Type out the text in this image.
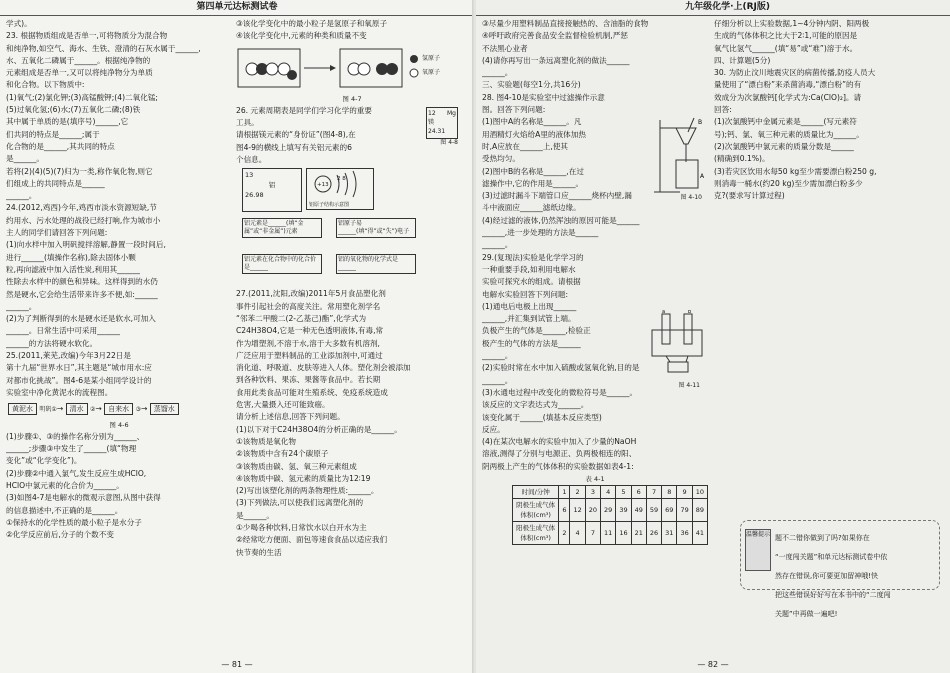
第四单元达标测试卷

学式)。

23. 根据物质组成是否单一,可将物质分为混合物

和纯净物,如空气、海水、生铁、澄清的石灰水属于______,

水、五氧化二磷属于______。根据纯净物的

元素组成是否单一,又可以将纯净物分为单质

和化合物。以下物质中:

(1)氧气;(2)氯化钾;(3)高锰酸钾;(4)二氧化锰;

(5)过氧化氢;(6)水;(7)五氧化二磷;(8)铁

其中属于单质的是(填序号)______,它

们共同的特点是______;属于

化合物的是______,其共同的特点

是______。

若将(2)(4)(5)(7)归为一类,称作氧化物,则它

们组成上的共同特点是______

______。

24.(2012,鸡西)今年,鸡西市淡水资源短缺,节

约用水、污水处理的战役已经打响,作为城市小

主人的同学们请回答下列问题:

(1)向水样中加入明矾搅拌溶解,静置一段时间后,

进行______(填操作名称),除去固体小颗

粒,再向滤液中加入活性炭,利用其______

性除去水样中的颜色和异味。这样得到的水仍

然是硬水,它会给生活带来许多不便,如:______

______。

(2)为了判断得到的水是硬水还是软水,可加入

______。日常生活中可采用______

______的方法将硬水软化。

25.(2011,莱芜,改编)今年3月22日是

第十九届“世界水日”,其主题是“城市用水:应

对都市化挑战”。图4-6是某小组同学设计的

实验室中净化黄泥水的流程图。

黄泥水 明矾①→ 清水 ②→ 自来水 ③→ 蒸馏水
图 4-6

(1)步骤①、③的操作名称分别为______、

______;步骤③中发生了______(填“物理

变化”或“化学变化”)。

(2)步骤②中通入氯气,发生反应生成HClO,

HClO中氯元素的化合价为______。

(3)如图4-7是电解水的微观示意图,从图中获得

的信息描述中,不正确的是______。

①保持水的化学性质的最小粒子是水分子

②化学反应前后,分子的个数不变

③该化学变化中的最小粒子是氢原子和氧原子

④该化学变化中,元素的种类和质量不变

氢原子
氧原子
图 4-7

26. 元素周期表是同学们学习化学的重要

工具。

请根据镁元素的“身份证”(图4-8),在

图4-9的横线上填写有关铝元素的6

个信息。

12 Mg
镁
24.31
图 4-8
13
铝
26.98
+13
2 8
铝原子结构示意图
铝元素是______(填“金属”或“非金属”)元素
铝原子易______(填“得”或“失”)电子
铝元素在化合物中的化合价是______
铝的氧化物的化学式是______

27.(2011,沈阳,改编)2011年5月食品塑化剂

事件引起社会的高度关注。常用塑化剂学名

“邻苯二甲酸二(2-乙基己)酯”,化学式为

C24H38O4,它是一种无色透明液体,有毒,常

作为增塑剂,不溶于水,溶于大多数有机溶剂,

广泛应用于塑料制品的工业添加剂中,可通过

消化道、呼吸道、皮肤等进入人体。塑化剂会被添加

到各种饮料、果冻、果酱等食品中。若长期

食用此类食品可能对生殖系统、免疫系统造成

危害,大量摄入还可能致癌。

请分析上述信息,回答下列问题。

(1)以下对于C24H38O4的分析正确的是______。

①该物质是氧化物

②该物质中含有24个碳原子

③该物质由碳、氢、氧三种元素组成

④该物质中碳、氢元素的质量比为12∶19

(2)写出该塑化剂的两条物理性质:______。

(3)下列做法,可以使我们远离塑化剂的

是______。

①少喝各种饮料,日常饮水以白开水为主

②经常吃方便面、面包等速食食品以适应我们

快节奏的生活

— 81 —
九年级化学·上(RJ版)

③尽量少用塑料制品直接接触热的、含油脂的食物

④呼吁政府完善食品安全监督检验机制,严惩

不法黑心业者

(4)请你再写出一条远离塑化剂的做法______

______。

三、实验题(每空1分,共16分)

28. 图4-10是实验室中过滤操作示意

图。回答下列问题:

(1)图中A的名称是______。凡

用酒精灯火焰给A里的液体加热

时,A应放在______上,使其

受热均匀。

(2)图中B的名称是______,在过

滤操作中,它的作用是______。

(3)过滤时漏斗下端管口应______烧杯内壁,漏

斗中液面应______滤纸边缘。

(4)经过滤的液体,仍然浑浊的原因可能是______

______,进一步处理的方法是______

______。

29.(复现法)实验是化学学习的

一种重要手段,如利用电解水

实验可探究水的组成。请根据

电解水实验回答下列问题:

(1)通电后电极上出现______

______,并汇集到试管上端。

负极产生的气体是______,检验正

极产生的气体的方法是______

______。

(2)实验时常在水中加入硫酸或氢氧化钠,目的是

______。

(3)水通电过程中改变化的微粒符号是______。

该反应的文字表达式为______。

该变化属于______(填基本反应类型)

反应。

(4)在某次电解水的实验中加入了少量的NaOH

溶液,测得了分别与电源正、负两极相连的阳、

阴两极上产生的气体体积的实验数据如表4-1:

B
A
图 4-10
a	b
图 4-11
表 4-1
时间/分钟	1	2	3	4	5	6	7	8	9	10
阴极生成气体体积(cm³)	6	12	20	29	39	49	59	69	79	89
阳极生成气体体积(cm³)	2	4	7	11	16	21	26	31	36	41

仔细分析以上实验数据,1~4分钟内阴、阳两极

生成的气体体积之比大于2∶1,可能的原因是

氧气比氢气______(填“易”或“难”)溶于水。

四、计算题(5分)

30. 为防止汶川地震灾区的病菌传播,防疫人员大

量使用了“漂白粉”来杀菌消毒,“漂白粉”的有

效成分为次氯酸钙[化学式为:Ca(ClO)₂]。请

回答:

(1)次氯酸钙中金属元素是______(写元素符

号);钙、氯、氧三种元素的质量比为______。

(2)次氯酸钙中氯元素的质量分数是______

(精确到0.1%)。

(3)若灾区饮用水每50 kg至少需要漂白粉250 g,

则消毒一桶水(约20 kg)至少需加漂白粉多少

克?(要求写计算过程)

温馨提示 题不二错你做到了吗?如果你在

“一度闯关题”和单元达标测试卷中依

然存在错误,你可要更加留神哦!快

把这些错误好好写在本书中的“二度闯

关题”中再做一遍吧!

— 82 —
